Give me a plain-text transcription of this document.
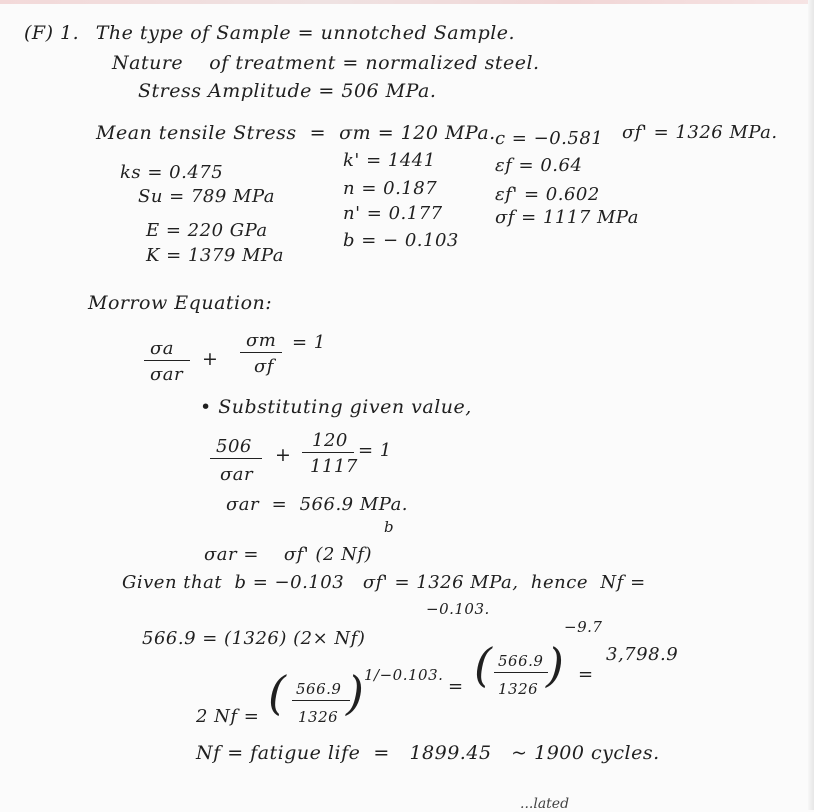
(F) 1. The type of Sample = unnotched Sample.
Nature    of treatment = normalized steel.
Stress Amplitude = 506 MPa.
Mean tensile Stress  =  σm = 120 MPa.
ks = 0.475
Su = 789 MPa
E = 220 GPa
K = 1379 MPa
k' = 1441
n = 0.187
n' = 0.177
b = − 0.103
c = −0.581
εf = 0.64
εf' = 0.602
σf = 1117 MPa
σf' = 1326 MPa.
Morrow Equation:
σa
σar
+
σm
σf
= 1
• Substituting given value,
506
σar
+
120
1117
= 1
σar  =  566.9 MPa.
b
σar =    σf' (2 Nf)
−0.103.
Given that  b = −0.103   σf' = 1326 MPa,  hence  Nf =
−9.7
566.9 = (1326) (2× Nf)
2 Nf = ( 566.9
1326 ) 1/−0.103.
= ( 566.9
1326 ) =
3,798.9
Nf = fatigue life  =   1899.45   ~ 1900 cycles.
...lated
